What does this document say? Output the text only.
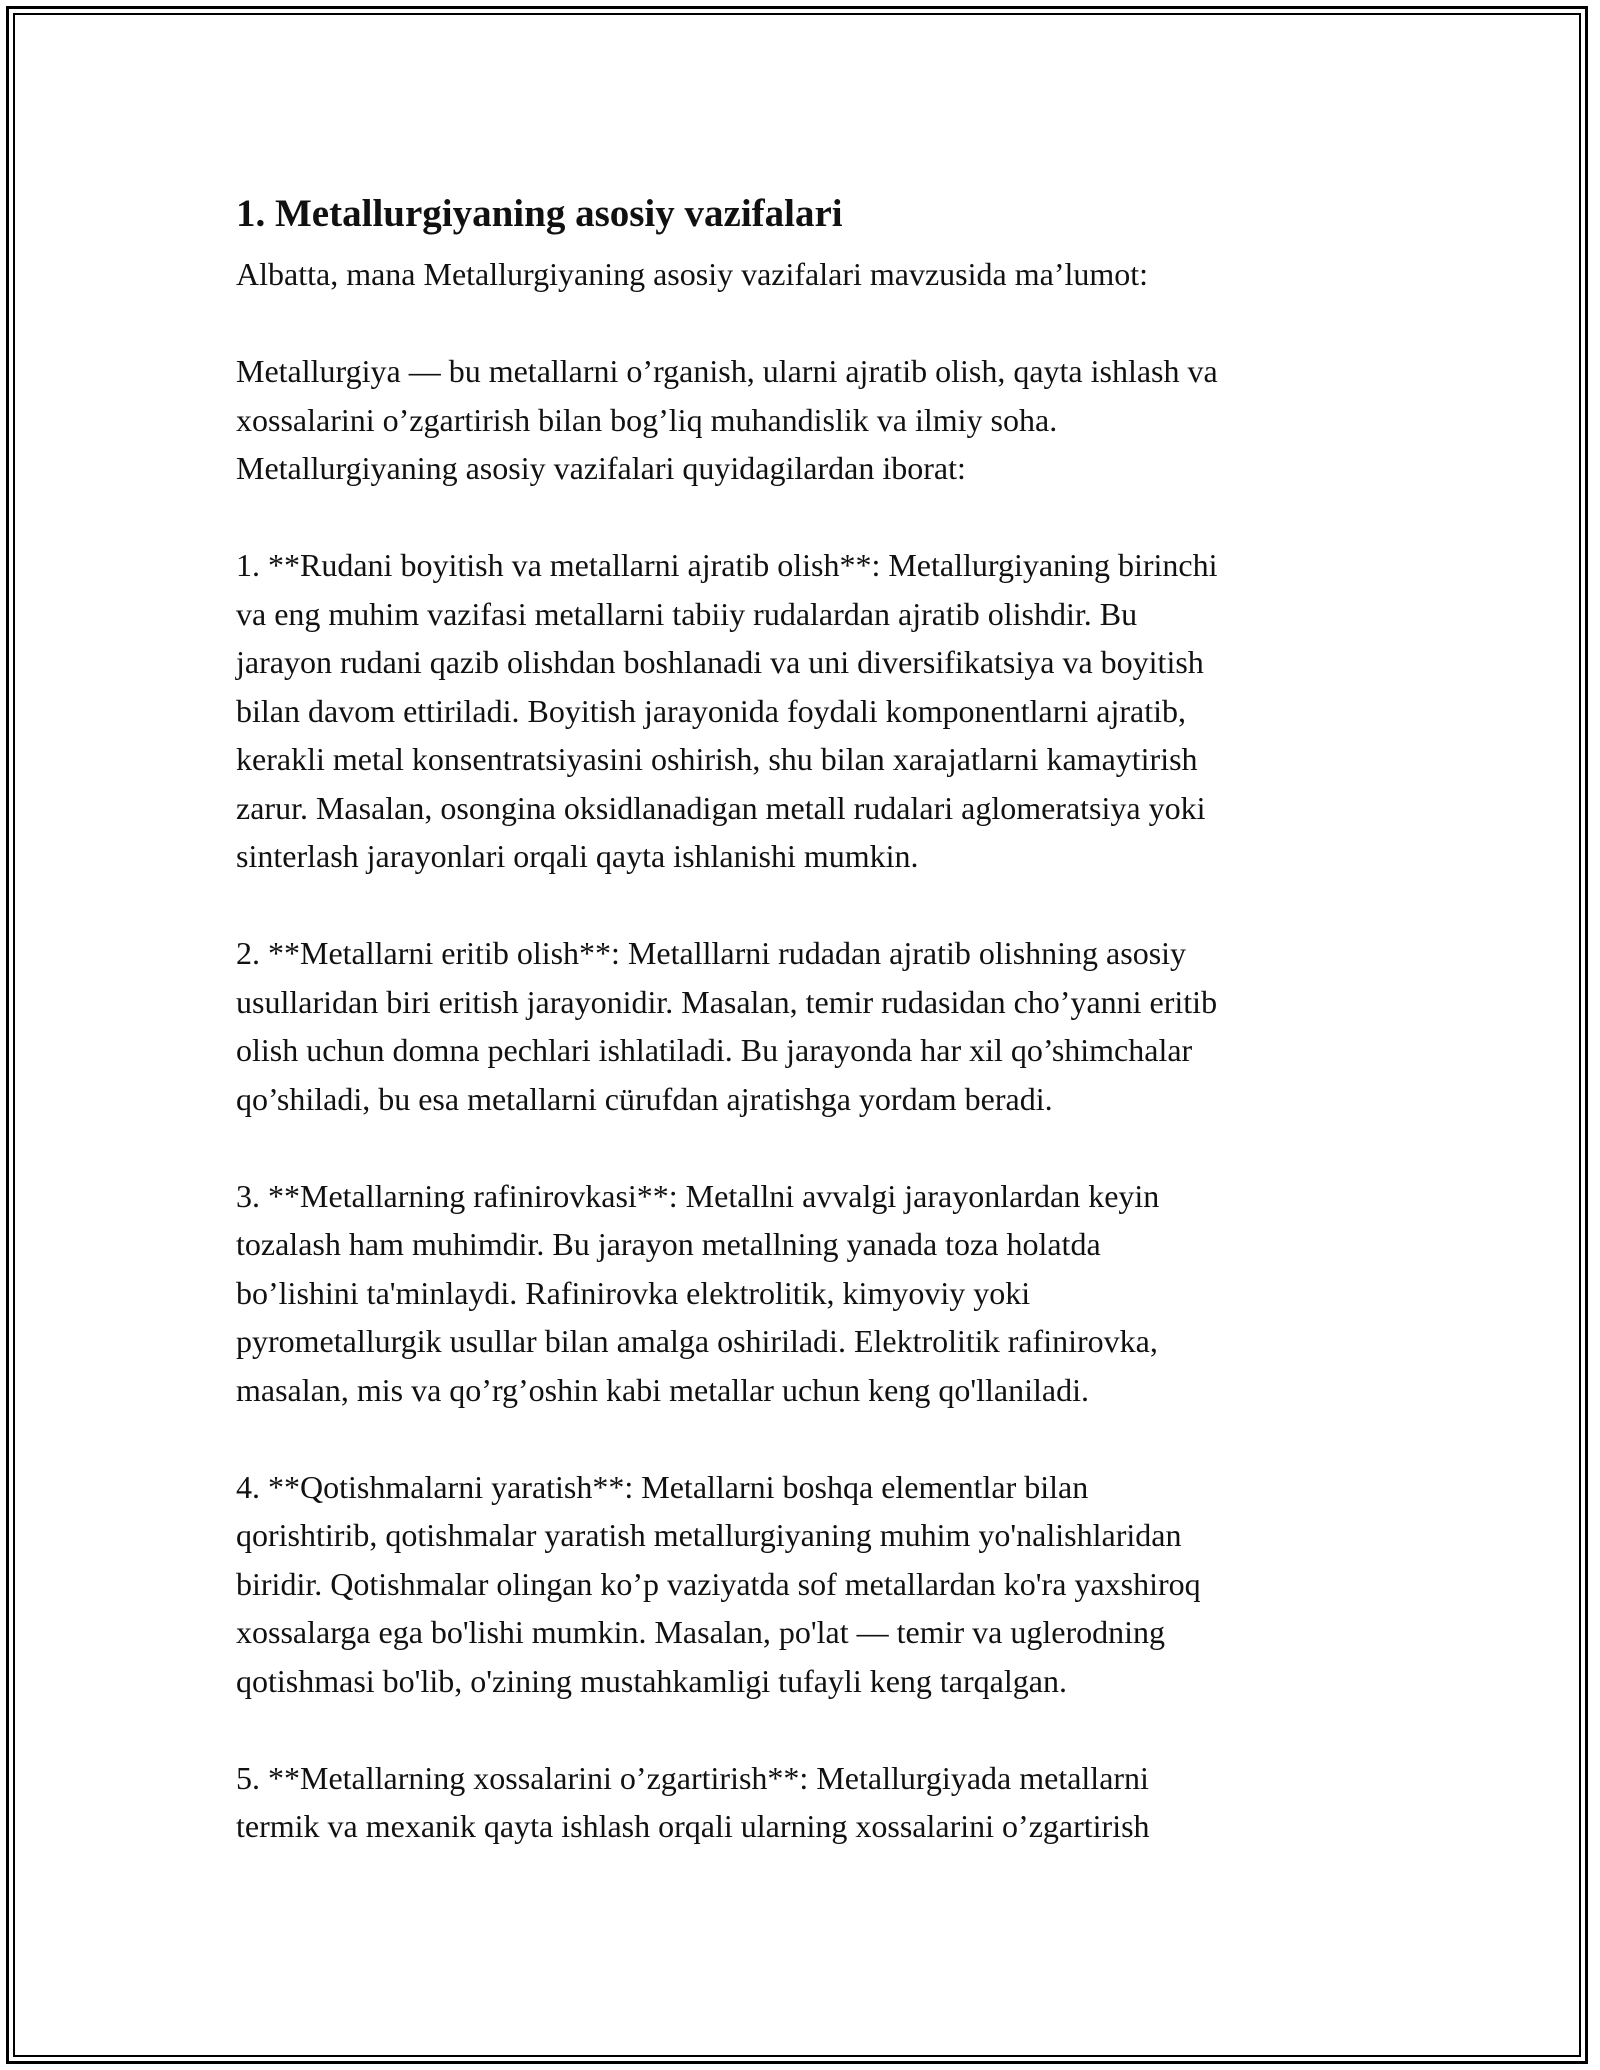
1. Metallurgiyaning asosiy vazifalari
Albatta, mana Metallurgiyaning asosiy vazifalari mavzusida ma’lumot:
Metallurgiya — bu metallarni o’rganish, ularni ajratib olish, qayta ishlash va
xossalarini o’zgartirish bilan bog’liq muhandislik va ilmiy soha.
Metallurgiyaning asosiy vazifalari quyidagilardan iborat:
1. **Rudani boyitish va metallarni ajratib olish**: Metallurgiyaning birinchi
va eng muhim vazifasi metallarni tabiiy rudalardan ajratib olishdir. Bu
jarayon rudani qazib olishdan boshlanadi va uni diversifikatsiya va boyitish
bilan davom ettiriladi. Boyitish jarayonida foydali komponentlarni ajratib,
kerakli metal konsentratsiyasini oshirish, shu bilan xarajatlarni kamaytirish
zarur. Masalan, osongina oksidlanadigan metall rudalari aglomeratsiya yoki
sinterlash jarayonlari orqali qayta ishlanishi mumkin.
2. **Metallarni eritib olish**: Metalllarni rudadan ajratib olishning asosiy
usullaridan biri eritish jarayonidir. Masalan, temir rudasidan cho’yanni eritib
olish uchun domna pechlari ishlatiladi. Bu jarayonda har xil qo’shimchalar
qo’shiladi, bu esa metallarni cürufdan ajratishga yordam beradi.
3. **Metallarning rafinirovkasi**: Metallni avvalgi jarayonlardan keyin
tozalash ham muhimdir. Bu jarayon metallning yanada toza holatda
bo’lishini ta'minlaydi. Rafinirovka elektrolitik, kimyoviy yoki
pyrometallurgik usullar bilan amalga oshiriladi. Elektrolitik rafinirovka,
masalan, mis va qo’rg’oshin kabi metallar uchun keng qo'llaniladi.
4. **Qotishmalarni yaratish**: Metallarni boshqa elementlar bilan
qorishtirib, qotishmalar yaratish metallurgiyaning muhim yo'nalishlaridan
biridir. Qotishmalar olingan ko’p vaziyatda sof metallardan ko'ra yaxshiroq
xossalarga ega bo'lishi mumkin. Masalan, po'lat — temir va uglerodning
qotishmasi bo'lib, o'zining mustahkamligi tufayli keng tarqalgan.
5. **Metallarning xossalarini o’zgartirish**: Metallurgiyada metallarni
termik va mexanik qayta ishlash orqali ularning xossalarini o’zgartirish
